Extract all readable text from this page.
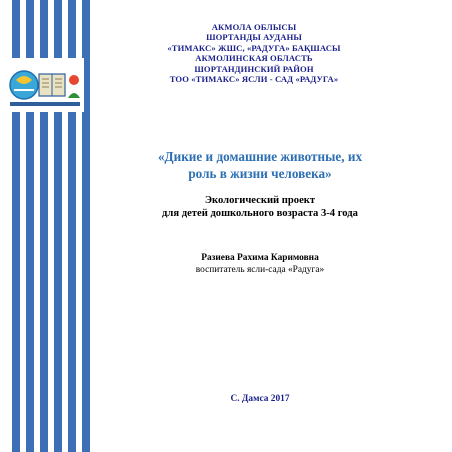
АКМОЛА ОБЛЫСЫ
ШОРТАНДЫ АУДАНЫ
«ТИМАКС» ЖШС, «РАДУГА» БАҚШАСЫ
АКМОЛИНСКАЯ ОБЛАСТЬ
ШОРТАНДИНСКИЙ РАЙОН
ТОО «ТИМАКС» ЯСЛИ - САД «РАДУГА»
«Дикие и домашние животные, их
роль в жизни человека»
Экологический проект
для детей дошкольного возраста 3-4 года
Разиева Рахима Каримовна
воспитатель ясли-сада «Радуга»
С. Дамса 2017
